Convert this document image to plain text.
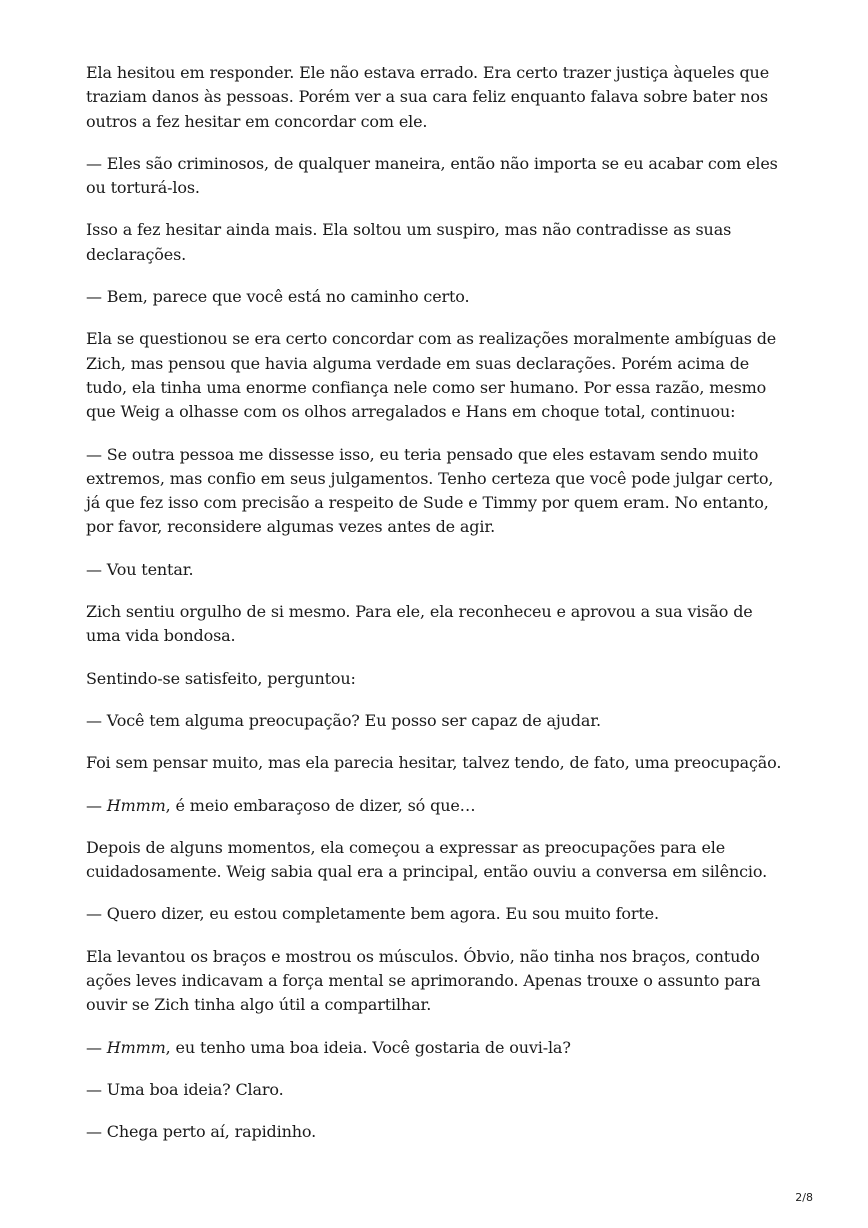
Ela hesitou em responder. Ele não estava errado. Era certo trazer justiça àqueles que traziam danos às pessoas. Porém ver a sua cara feliz enquanto falava sobre bater nos outros a fez hesitar em concordar com ele.

— Eles são criminosos, de qualquer maneira, então não importa se eu acabar com eles ou torturá-los.

Isso a fez hesitar ainda mais. Ela soltou um suspiro, mas não contradisse as suas declarações.

— Bem, parece que você está no caminho certo.

Ela se questionou se era certo concordar com as realizações moralmente ambíguas de Zich, mas pensou que havia alguma verdade em suas declarações. Porém acima de tudo, ela tinha uma enorme confiança nele como ser humano. Por essa razão, mesmo que Weig a olhasse com os olhos arregalados e Hans em choque total, continuou:

— Se outra pessoa me dissesse isso, eu teria pensado que eles estavam sendo muito extremos, mas confio em seus julgamentos. Tenho certeza que você pode julgar certo, já que fez isso com precisão a respeito de Sude e Timmy por quem eram. No entanto, por favor, reconsidere algumas vezes antes de agir.

— Vou tentar.

Zich sentiu orgulho de si mesmo. Para ele, ela reconheceu e aprovou a sua visão de uma vida bondosa.

Sentindo-se satisfeito, perguntou:

— Você tem alguma preocupação? Eu posso ser capaz de ajudar.

Foi sem pensar muito, mas ela parecia hesitar, talvez tendo, de fato, uma preocupação.

— Hmmm, é meio embaraçoso de dizer, só que…

Depois de alguns momentos, ela começou a expressar as preocupações para ele cuidadosamente. Weig sabia qual era a principal, então ouviu a conversa em silêncio.

— Quero dizer, eu estou completamente bem agora. Eu sou muito forte.

Ela levantou os braços e mostrou os músculos. Óbvio, não tinha nos braços, contudo ações leves indicavam a força mental se aprimorando. Apenas trouxe o assunto para ouvir se Zich tinha algo útil a compartilhar.

— Hmmm, eu tenho uma boa ideia. Você gostaria de ouvi-la?

— Uma boa ideia? Claro.

— Chega perto aí, rapidinho.

2/8
